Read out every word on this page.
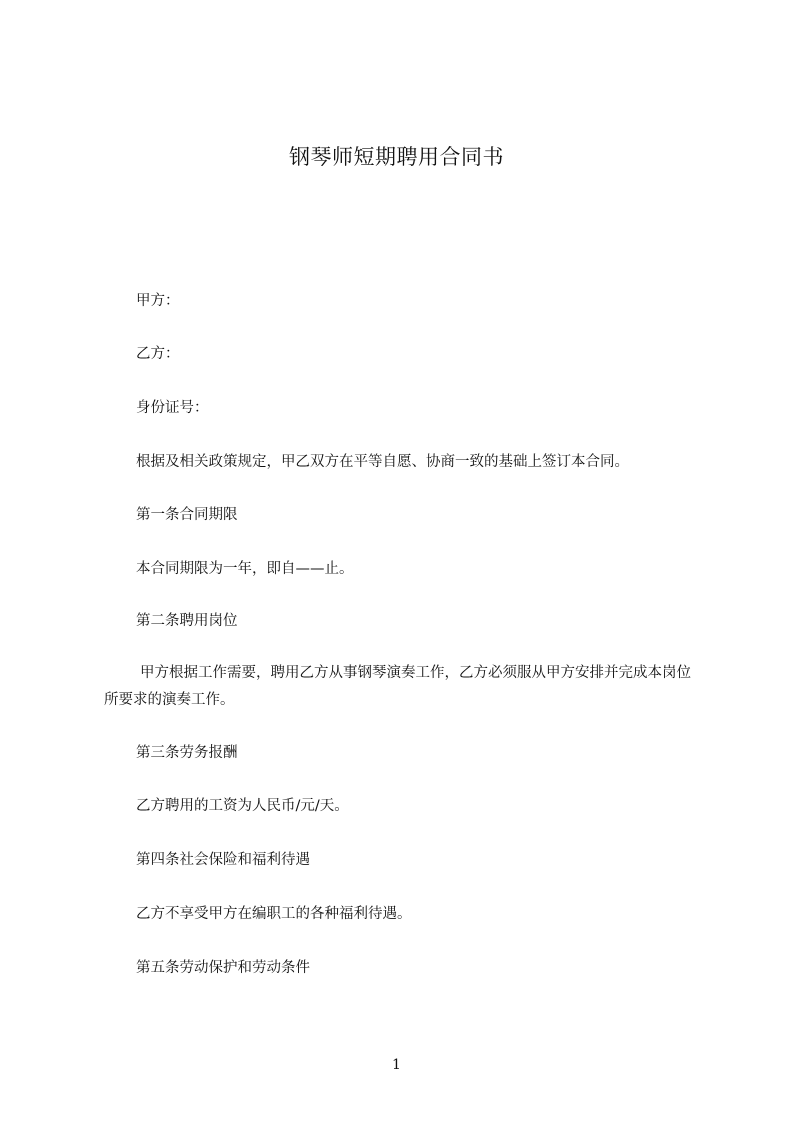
钢琴师短期聘用合同书

甲方：

乙方：

身份证号：

根据及相关政策规定，甲乙双方在平等自愿、协商一致的基础上签订本合同。

第一条合同期限

本合同期限为一年，即自——止。

第二条聘用岗位

甲方根据工作需要，聘用乙方从事钢琴演奏工作，乙方必须服从甲方安排并完成本岗位所要求的演奏工作。

第三条劳务报酬

乙方聘用的工资为人民币/元/天。

第四条社会保险和福利待遇

乙方不享受甲方在编职工的各种福利待遇。

第五条劳动保护和劳动条件

1
